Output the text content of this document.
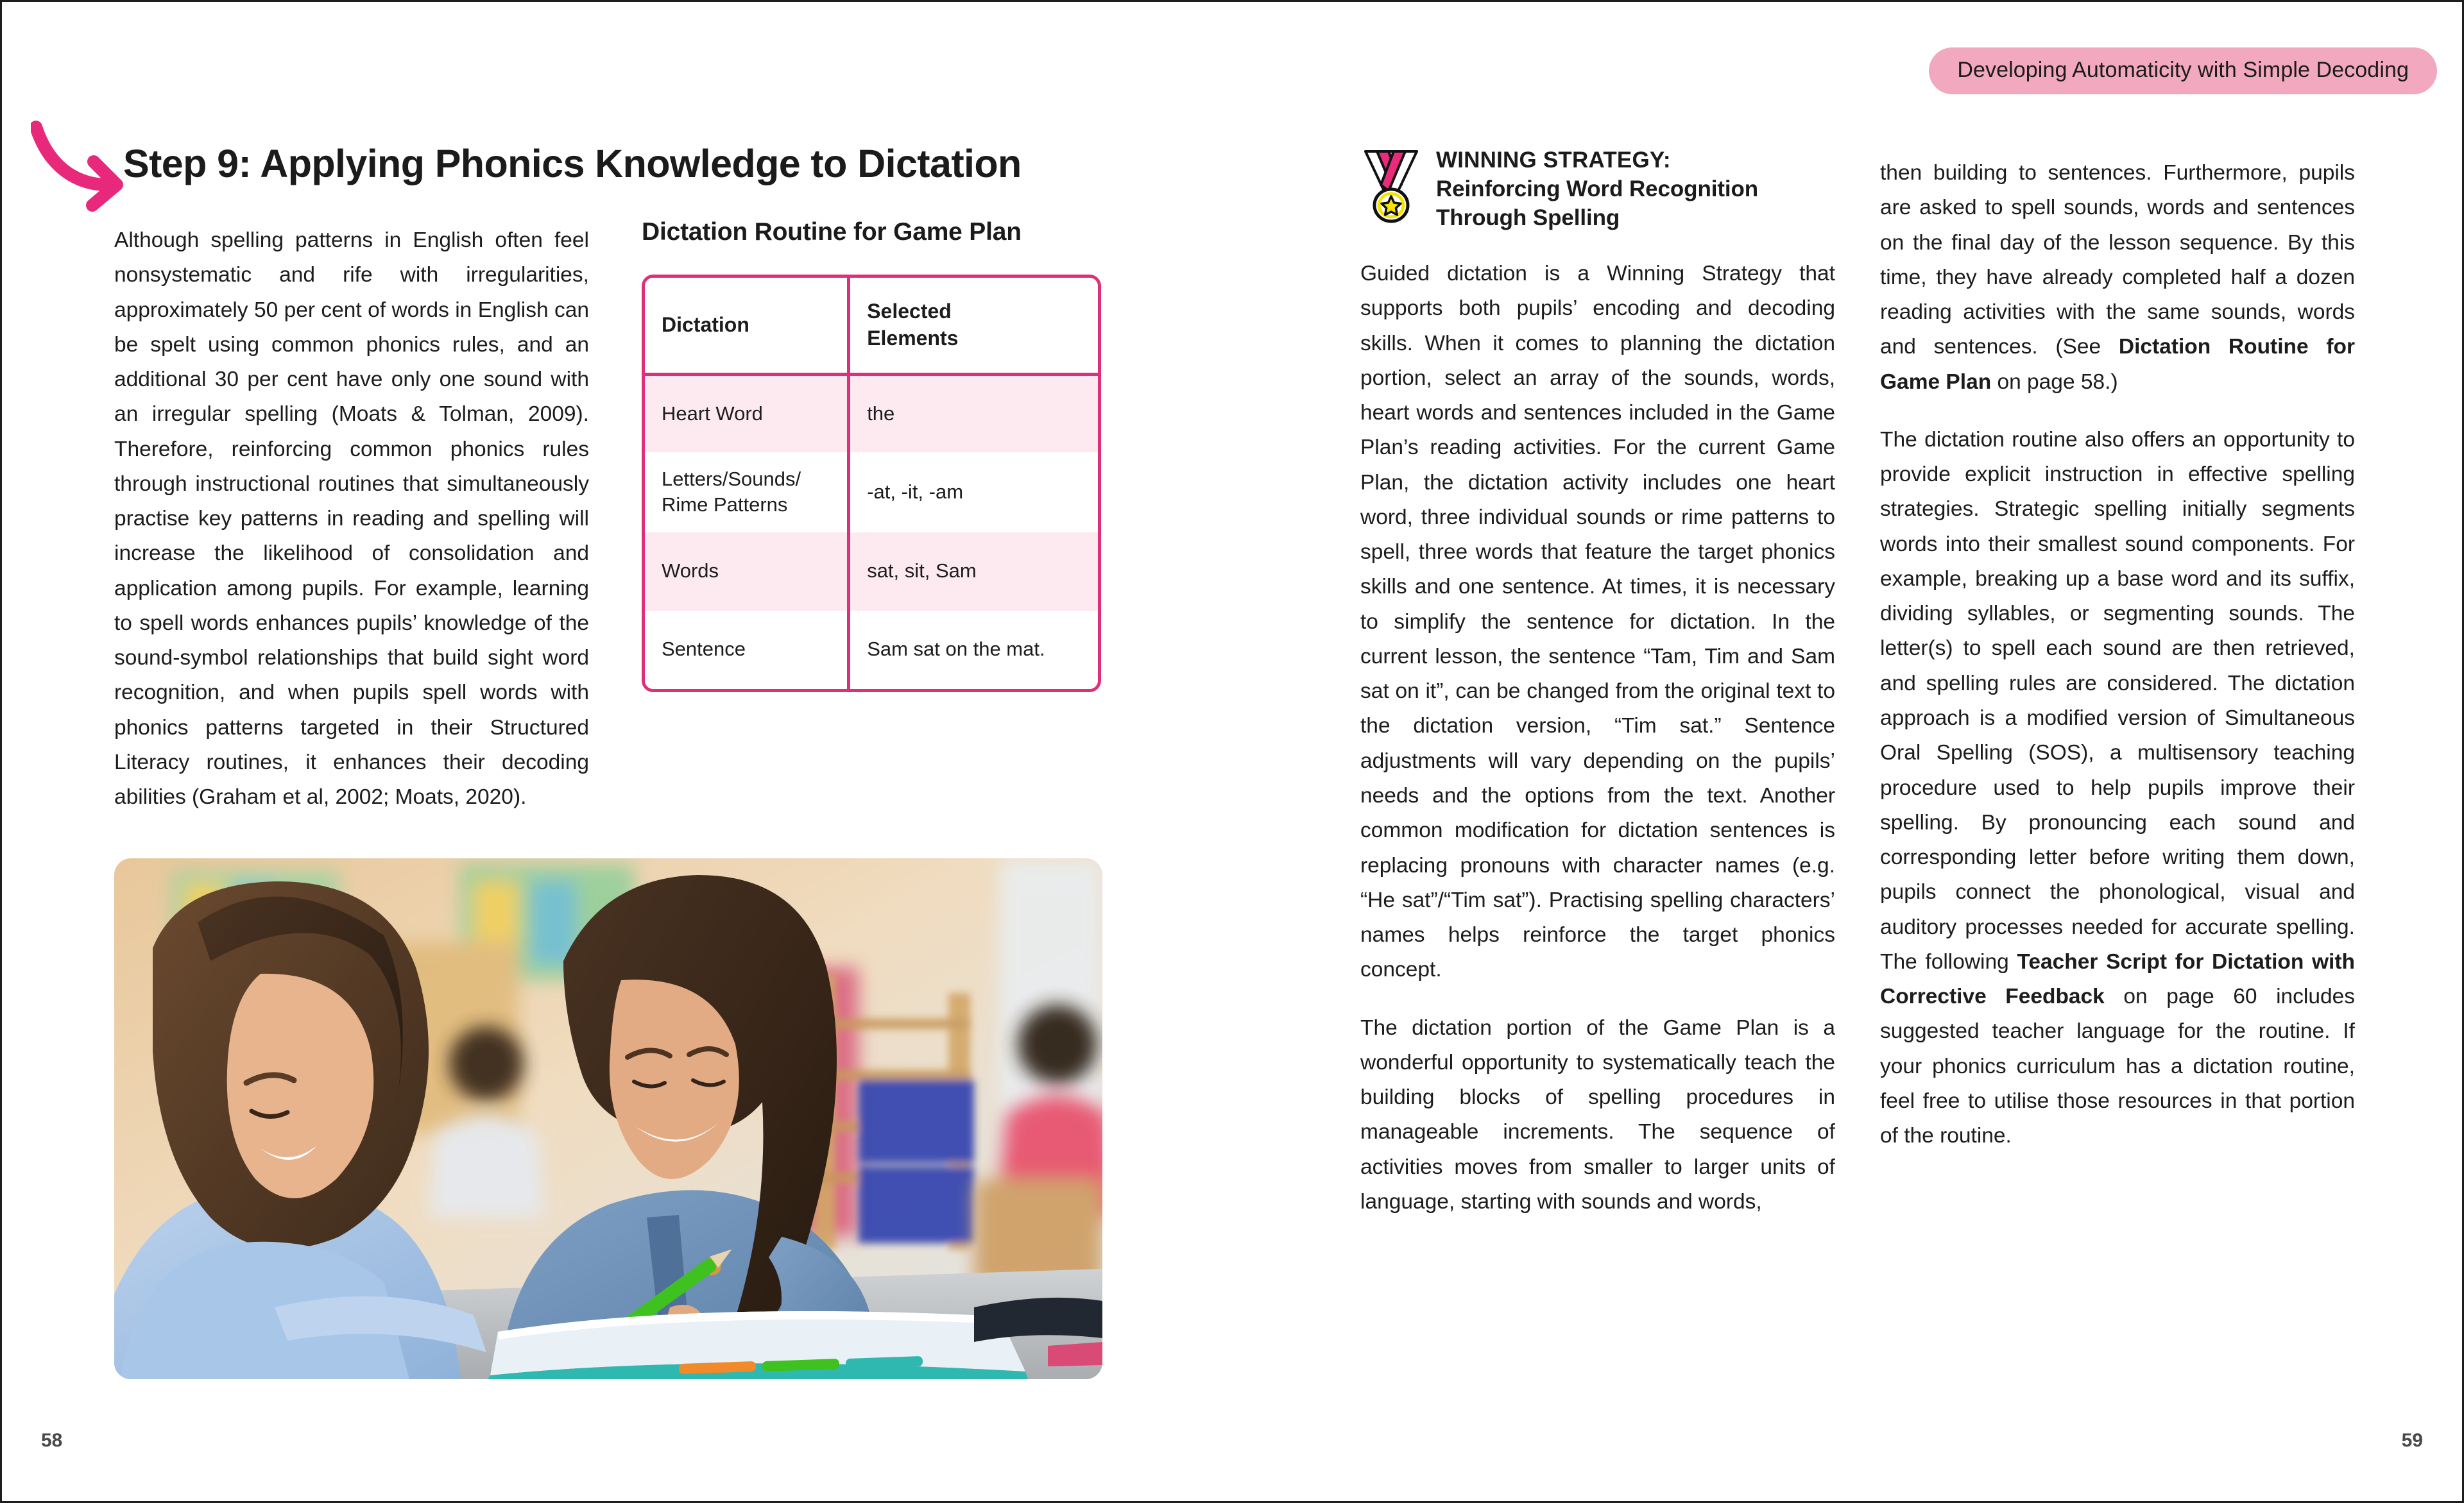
Developing Automaticity with Simple Decoding
Step 9: Applying Phonics Knowledge to Dictation
Although spelling patterns in English often feel nonsystematic and rife with irregularities, approximately 50 per cent of words in English can be spelt using common phonics rules, and an additional 30 per cent have only one sound with an irregular spelling (Moats & Tolman, 2009). Therefore, reinforcing common phonics rules through instructional routines that simultaneously practise key patterns in reading and spelling will increase the likelihood of consolidation and application among pupils. For example, learning to spell words enhances pupils’ knowledge of the sound-symbol relationships that build sight word recognition, and when pupils spell words with phonics patterns targeted in their Structured Literacy routines, it enhances their decoding abilities (Graham et al, 2002; Moats, 2020).
Dictation Routine for Game Plan
Dictation	Selected
Elements
Heart Word	the
Letters/Sounds/
Rime Patterns	-at, -it, -am
Words	sat, sit, Sam
Sentence	Sam sat on the mat.
58
WINNING STRATEGY:
Reinforcing Word Recognition
Through Spelling
Guided dictation is a Winning Strategy that supports both pupils’ encoding and decoding skills. When it comes to planning the dictation portion, select an array of the sounds, words, heart words and sentences included in the Game Plan’s reading activities. For the current Game Plan, the dictation activity includes one heart word, three individual sounds or rime patterns to spell, three words that feature the target phonics skills and one sentence. At times, it is necessary to simplify the sentence for dictation. In the current lesson, the sentence “Tam, Tim and Sam sat on it”, can be changed from the original text to the dictation version, “Tim sat.” Sentence adjustments will vary depending on the pupils’ needs and the options from the text. Another common modification for dictation sentences is replacing pronouns with character names (e.g. “He sat”/“Tim sat”). Practising spelling characters’ names helps reinforce the target phonics concept.
The dictation portion of the Game Plan is a wonderful opportunity to systematically teach the building blocks of spelling procedures in manageable increments. The sequence of activities moves from smaller to larger units of language, starting with sounds and words,
then building to sentences. Furthermore, pupils are asked to spell sounds, words and sentences on the final day of the lesson sequence. By this time, they have already completed half a dozen reading activities with the same sounds, words and sentences. (See Dictation Routine for Game Plan on page 58.)
The dictation routine also offers an opportunity to provide explicit instruction in effective spelling strategies. Strategic spelling initially segments words into their smallest sound components. For example, breaking up a base word and its suffix, dividing syllables, or segmenting sounds. The letter(s) to spell each sound are then retrieved, and spelling rules are considered. The dictation approach is a modified version of Simultaneous Oral Spelling (SOS), a multisensory teaching procedure used to help pupils improve their spelling. By pronouncing each sound and corresponding letter before writing them down, pupils connect the phonological, visual and auditory processes needed for accurate spelling. The following Teacher Script for Dictation with Corrective Feedback on page 60 includes suggested teacher language for the routine. If your phonics curriculum has a dictation routine, feel free to utilise those resources in that portion of the routine.
59
